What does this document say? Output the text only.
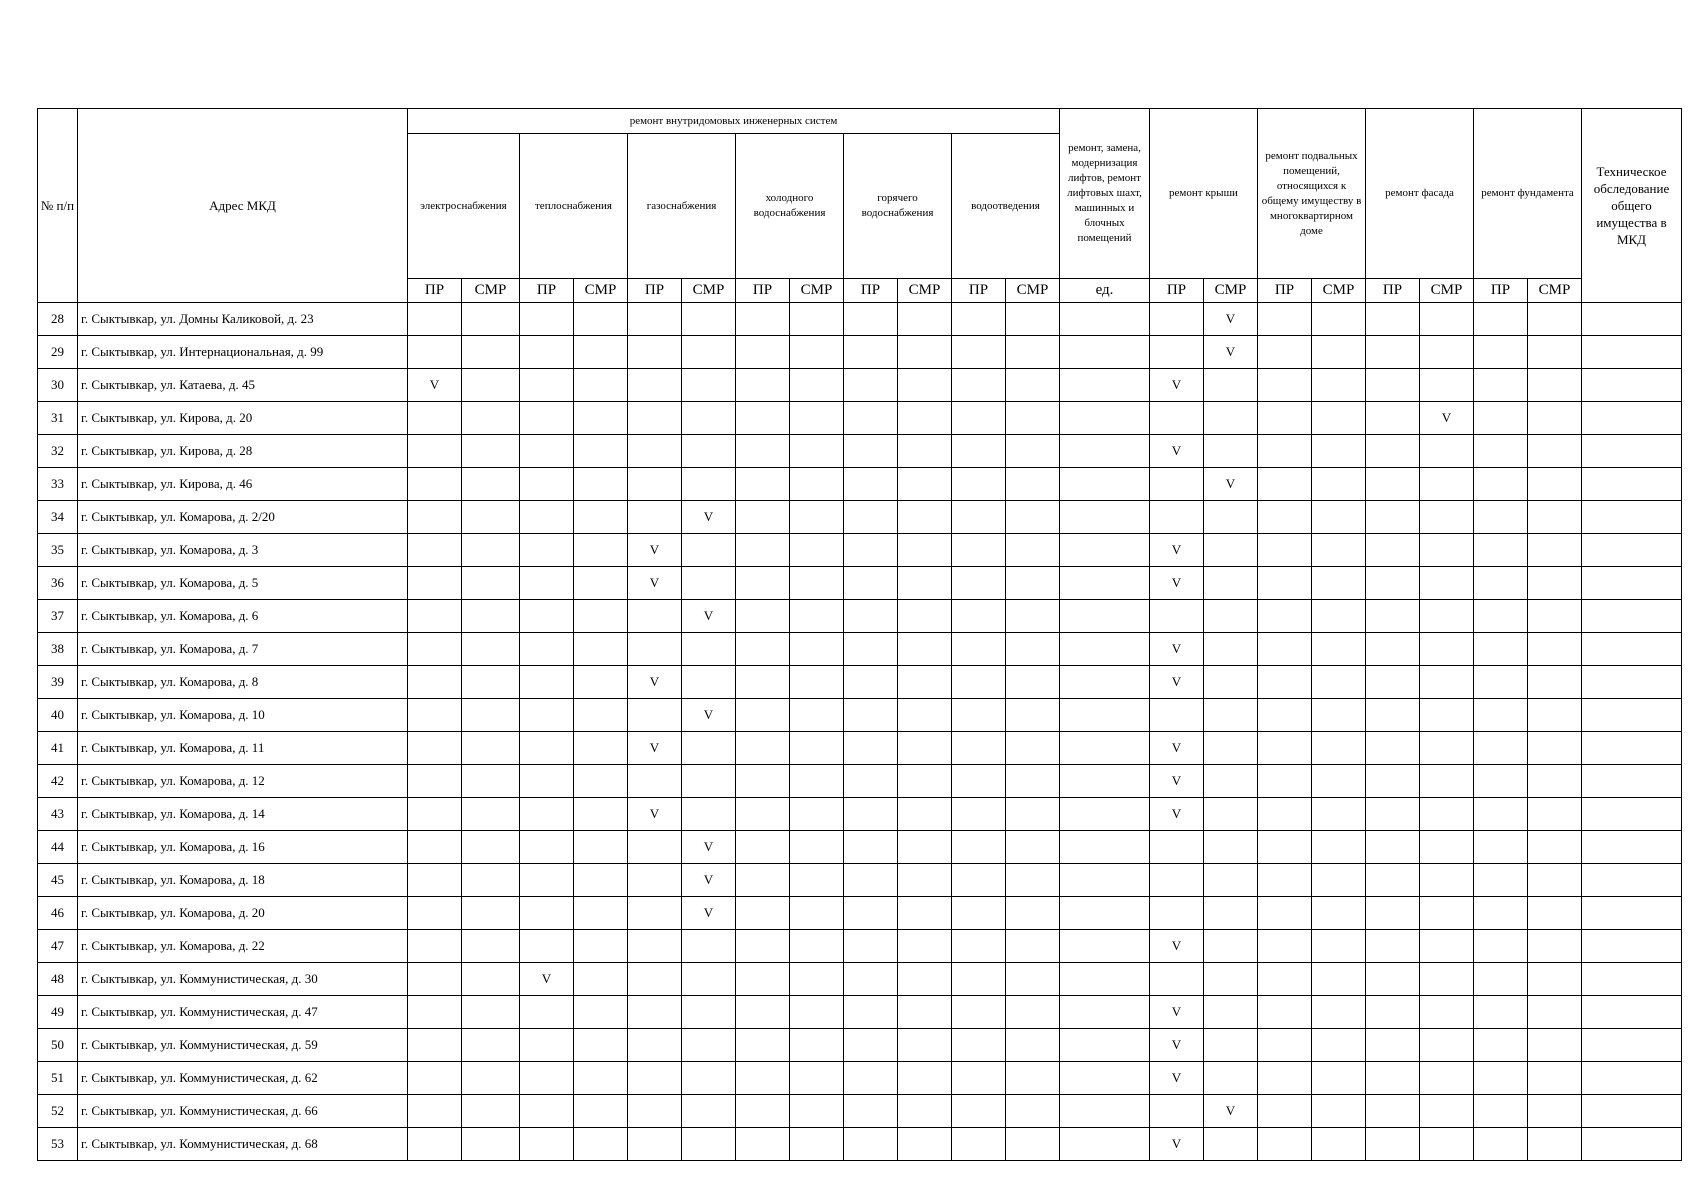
№ п/п	Адрес МКД	ремонт внутридомовых инженерных систем												ремонт, замена, модернизация лифтов, ремонт лифтовых шахт, машинных и блочных помещений	ремонт крыши		ремонт подвальных помещений, относящихся к общему имуществу в многоквартирном доме		ремонт фасада		ремонт фундамента		Техническое обследование общего имущества в МКД
		электроснабжения		теплоснабжения		газоснабжения		холодного водоснабжения		горячего водоснабжения		водоотведения											
		ПР	СМР	ПР	СМР	ПР	СМР	ПР	СМР	ПР	СМР	ПР	СМР	ед.	ПР	СМР	ПР	СМР	ПР	СМР	ПР	СМР	
28	г. Сыктывкар, ул. Домны Каликовой, д. 23															V							
29	г. Сыктывкар, ул. Интернациональная, д. 99															V							
30	г. Сыктывкар, ул. Катаева, д. 45	V													V								
31	г. Сыктывкар, ул. Кирова, д. 20																			V			
32	г. Сыктывкар, ул. Кирова, д. 28														V								
33	г. Сыктывкар, ул. Кирова, д. 46															V							
34	г. Сыктывкар, ул. Комарова, д. 2/20						V																
35	г. Сыктывкар, ул. Комарова, д. 3					V									V								
36	г. Сыктывкар, ул. Комарова, д. 5					V									V								
37	г. Сыктывкар, ул. Комарова, д. 6						V																
38	г. Сыктывкар, ул. Комарова, д. 7														V								
39	г. Сыктывкар, ул. Комарова, д. 8					V									V								
40	г. Сыктывкар, ул. Комарова, д. 10						V																
41	г. Сыктывкар, ул. Комарова, д. 11					V									V								
42	г. Сыктывкар, ул. Комарова, д. 12														V								
43	г. Сыктывкар, ул. Комарова, д. 14					V									V								
44	г. Сыктывкар, ул. Комарова, д. 16						V																
45	г. Сыктывкар, ул. Комарова, д. 18						V																
46	г. Сыктывкар, ул. Комарова, д. 20						V																
47	г. Сыктывкар, ул. Комарова, д. 22														V								
48	г. Сыктывкар, ул. Коммунистическая, д. 30			V																			
49	г. Сыктывкар, ул. Коммунистическая, д. 47														V								
50	г. Сыктывкар, ул. Коммунистическая, д. 59														V								
51	г. Сыктывкар, ул. Коммунистическая, д. 62														V								
52	г. Сыктывкар, ул. Коммунистическая, д. 66															V							
53	г. Сыктывкар, ул. Коммунистическая, д. 68														V								
